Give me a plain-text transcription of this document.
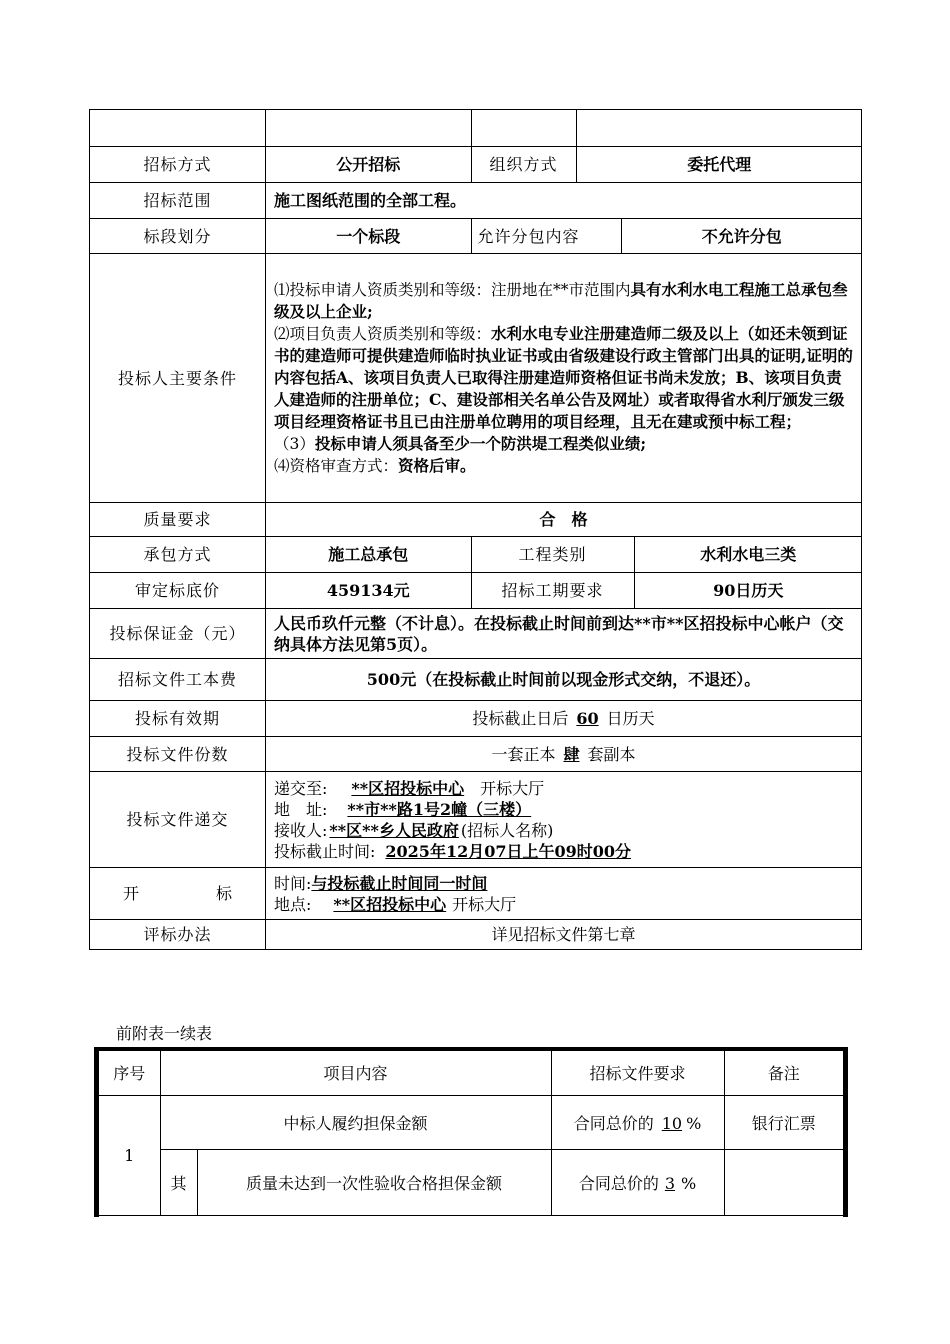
招标方式		公开招标	组织方式	委托代理

招标范围	施工图纸范围的全部工程。
标段划分		一个标段	允许分包内容	不允许分包

投标人主要条件	
⑴投标申请人资质类别和等级：注册地在**市范围内具有水利水电工程施工总承包叁级及以上企业;
⑵项目负责人资质类别和等级：水利水电专业注册建造师二级及以上（如还未领到证书的建造师可提供建造师临时执业证书或由省级建设行政主管部门出具的证明,证明的内容包括A、该项目负责人已取得注册建造师资格但证书尚未发放；B、该项目负责人建造师的注册单位；C、建设部相关名单公告及网址）或者取得省水利厅颁发三级项目经理资格证书且已由注册单位聘用的项目经理，且无在建或预中标工程；
（3）投标申请人须具备至少一个防洪堤工程类似业绩;
⑷资格审查方式：资格后审。

质量要求	合　格
承包方式		施工总承包	工程类别	水利水电三类

审定标底价		459134元	招标工期要求	90日历天

投标保证金（元）	人民币玖仟元整（不计息）。在投标截止时间前到达**市**区招投标中心帐户（交纳具体方法见第5页）。
招标文件工本费	500元（在投标截止时间前以现金形式交纳，不退还）。
投标有效期	投标截止日后 60 日历天
投标文件份数	一套正本 肆 套副本
投标文件递交	
递交至: **区招投标中心 开标大厅
地　址: **市**路1号2幢（三楼）
接收人: **区**乡人民政府 (招标人名称)
投标截止时间: 2025年12月07日上午09时00分

开	标

时间:与投标截止时间同一时间
地点: **区招投标中心 开标大厅

评标办法	详见招标文件第七章
前附表一续表
序号	项目内容		招标文件要求	备注
1	中标人履约担保金额		合同总价的 10 %	银行汇票
	其	质量未达到一次性验收合格担保金额	合同总价的 3 %	
